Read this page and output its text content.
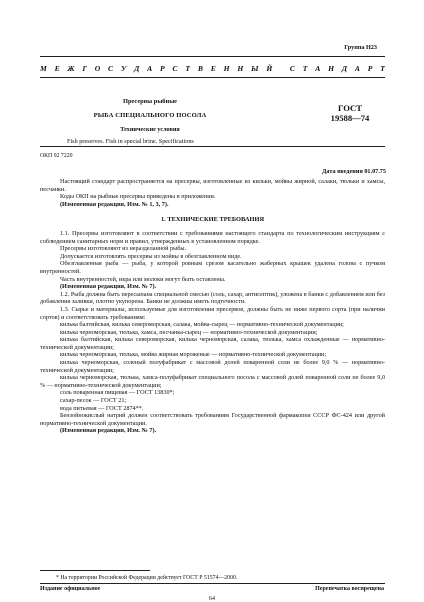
Группа Н23
М Е Ж Г О С У Д А Р С Т В Е Н Н Ы Й
С Т А Н Д А Р Т
Пресервы рыбные
РЫБА СПЕЦИАЛЬНОГО ПОСОЛА
Технические условия
Fish preserves. Fish in special brine. Specifications
ГОСТ
19588—74
ОКП 92 7220
Дата введения 01.07.75

Настоящий стандарт распространяется на пресервы, изготовленные из кильки, мойвы жирной, салаки, тюльки и хамсы, песчанки.

Коды ОКП на рыбные пресервы приведены в приложении.

(Измененная редакция, Изм. № 1, 3, 7).

1. ТЕХНИЧЕСКИЕ ТРЕБОВАНИЯ

1.1. Пресервы изготовляют в соответствии с требованиями настоящего стандарта по технологическим инструкциям с соблюдением санитарных норм и правил, утвержденных в установленном порядке.

Пресервы изготовляют из неразделанной рыбы.

Допускается изготовлять пресервы из мойвы в обезглавленном виде.

Обезглавленная рыба — рыба, у которой ровным срезом касательно жаберных крышек удалена голова с пучком внутренностей.

Часть внутренностей, икра или молоки могут быть оставлены.

(Измененная редакция, Изм. № 7).

1.2. Рыба должна быть пересыпана специальной смесью (соль, сахар, антисептик), уложена в банки с добавлением или без добавления заливки, плотно укупорена. Банки не должны иметь подтечности.

1.3. Сырье и материалы, используемые для изготовления пресервов, должны быть не ниже первого сорта (при наличии сортов) и соответствовать требованиям:

килька балтийская, килька североморская, салака, мойва-сырец — нормативно-технической документации;

килька черноморская, тюлька, хамса, песчанка-сырец — нормативно-технической документации;

килька балтийская, килька североморская, килька черноморская, салака, тюлька, хамса охлажденные — нормативно-технической документации;

килька черноморская, тюлька, мойва жирная мороженые — нормативно-технической документации;

килька черноморская, соленый полуфабрикат с массовой долей поваренной соли не более 9,0 % — нормативно-технической документации;

килька черноморская, тюлька, хамса-полуфабрикат специального посола с массовой долей поваренной соли не более 9,0 % — нормативно-технической документации;

соль поваренная пищевая — ГОСТ 13830*;

сахар-песок — ГОСТ 21;

вода питьевая — ГОСТ 2874**.

Бензойнокислый натрий должен соответствовать требованиям Государственной фармакопеи СССР ФС-424 или другой нормативно-технической документации.

(Измененная редакция, Изм. № 7).

* На территории Российской Федерации действует ГОСТ Р 51574—2000.
Издание официальное	Перепечатка воспрещена
64
